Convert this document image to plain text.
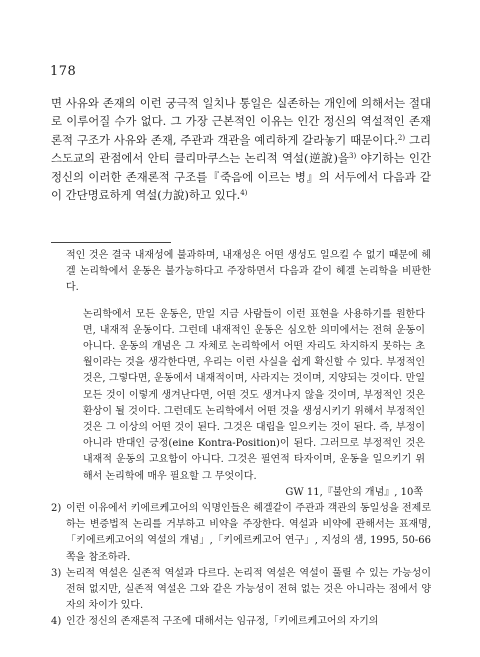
178

면 사유와 존재의 이런 궁극적 일치나 통일은 실존하는 개인에 의해서는 절대로 이루어질 수가 없다. 그 가장 근본적인 이유는 인간 정신의 역설적인 존재론적 구조가 사유와 존재, 주관과 객관을 예리하게 갈라놓기 때문이다.$^{2)}$ 그리스도교의 관점에서 안티 클리마쿠스는 논리적 역설(逆說)을$^{3)}$ 야기하는 인간 정신의 이러한 존재론적 구조를『죽음에 이르는 병』의 서두에서 다음과 같이 간단명료하게 역설(力說)하고 있다.$^{4)}$

적인 것은 결국 내재성에 불과하며, 내재성은 어떤 생성도 일으킬 수 없기 때문에 헤겔 논리학에서 운동은 불가능하다고 주장하면서 다음과 같이 헤겔 논리학을 비판한다.

논리학에서 모든 운동은, 만일 지금 사람들이 이런 표현을 사용하기를 원한다면, 내재적 운동이다. 그런데 내재적인 운동은 심오한 의미에서는 전혀 운동이 아니다. 운동의 개념은 그 자체로 논리학에서 어떤 자리도 차지하지 못하는 초월이라는 것을 생각한다면, 우리는 이런 사실을 쉽게 확신할 수 있다. 부정적인 것은, 그렇다면, 운동에서 내재적이며, 사라지는 것이며, 지양되는 것이다. 만일 모든 것이 이렇게 생겨난다면, 어떤 것도 생겨나지 않을 것이며, 부정적인 것은 환상이 될 것이다. 그런데도 논리학에서 어떤 것을 생성시키기 위해서 부정적인 것은 그 이상의 어떤 것이 된다. 그것은 대립을 일으키는 것이 된다. 즉, 부정이 아니라 반대인 긍정(eine Kontra-Position)이 된다. 그러므로 부정적인 것은 내재적 운동의 고요함이 아니다. 그것은 필연적 타자이며, 운동을 일으키기 위해서 논리학에 매우 필요할 그 무엇이다.

GW 11,『불안의 개념』, 10쪽

2) 이런 이유에서 키에르케고어의 익명인들은 헤겔같이 주관과 객관의 동일성을 전제로 하는 변증법적 논리를 거부하고 비약을 주장한다. 역설과 비약에 관해서는 표재명,「키에르케고어의 역설의 개념」,「키에르케고어 연구」, 지성의 샘, 1995, 50-66쪽을 참조하라.
3) 논리적 역설은 실존적 역설과 다르다. 논리적 역설은 역설이 풀릴 수 있는 가능성이 전혀 없지만, 실존적 역설은 그와 같은 가능성이 전혀 없는 것은 아니라는 점에서 양자의 차이가 있다.
4) 인간 정신의 존재론적 구조에 대해서는 임규정,「키에르케고어의 자기의
